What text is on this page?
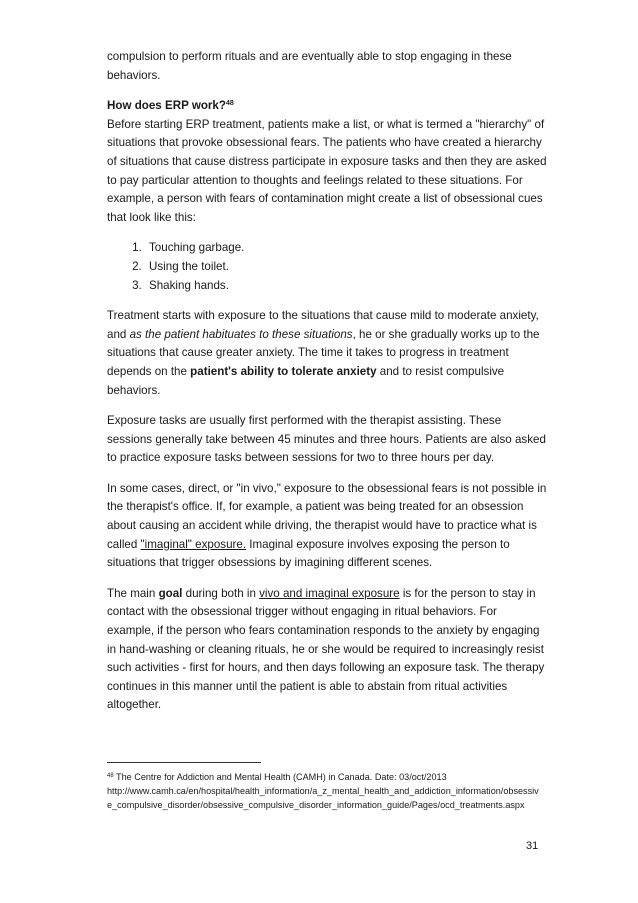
compulsion to perform rituals and are eventually able to stop engaging in these behaviors.

How does ERP work?$^{48}$

Before starting ERP treatment, patients make a list, or what is termed a "hierarchy" of situations that provoke obsessional fears. The patients who have created a hierarchy of situations that cause distress participate in exposure tasks and then they are asked to pay particular attention to thoughts and feelings related to these situations. For example, a person with fears of contamination might create a list of obsessional cues that look like this:

1. Touching garbage.
2. Using the toilet.
3. Shaking hands.

Treatment starts with exposure to the situations that cause mild to moderate anxiety, and as the patient habituates to these situations, he or she gradually works up to the situations that cause greater anxiety. The time it takes to progress in treatment depends on the patient's ability to tolerate anxiety and to resist compulsive behaviors.

Exposure tasks are usually first performed with the therapist assisting. These sessions generally take between 45 minutes and three hours. Patients are also asked to practice exposure tasks between sessions for two to three hours per day.

In some cases, direct, or "in vivo," exposure to the obsessional fears is not possible in the therapist's office. If, for example, a patient was being treated for an obsession about causing an accident while driving, the therapist would have to practice what is called "imaginal" exposure. Imaginal exposure involves exposing the person to situations that trigger obsessions by imagining different scenes.

The main goal during both in vivo and imaginal exposure is for the person to stay in contact with the obsessional trigger without engaging in ritual behaviors. For example, if the person who fears contamination responds to the anxiety by engaging in hand-washing or cleaning rituals, he or she would be required to increasingly resist such activities - first for hours, and then days following an exposure task. The therapy continues in this manner until the patient is able to abstain from ritual activities altogether.

$^{48}$ The Centre for Addiction and Mental Health (CAMH) in Canada. Date: 03/oct/2013
http://www.camh.ca/en/hospital/health_information/a_z_mental_health_and_addiction_information/obsessive_compulsive_disorder/obsessive_compulsive_disorder_information_guide/Pages/ocd_treatments.aspx
31
